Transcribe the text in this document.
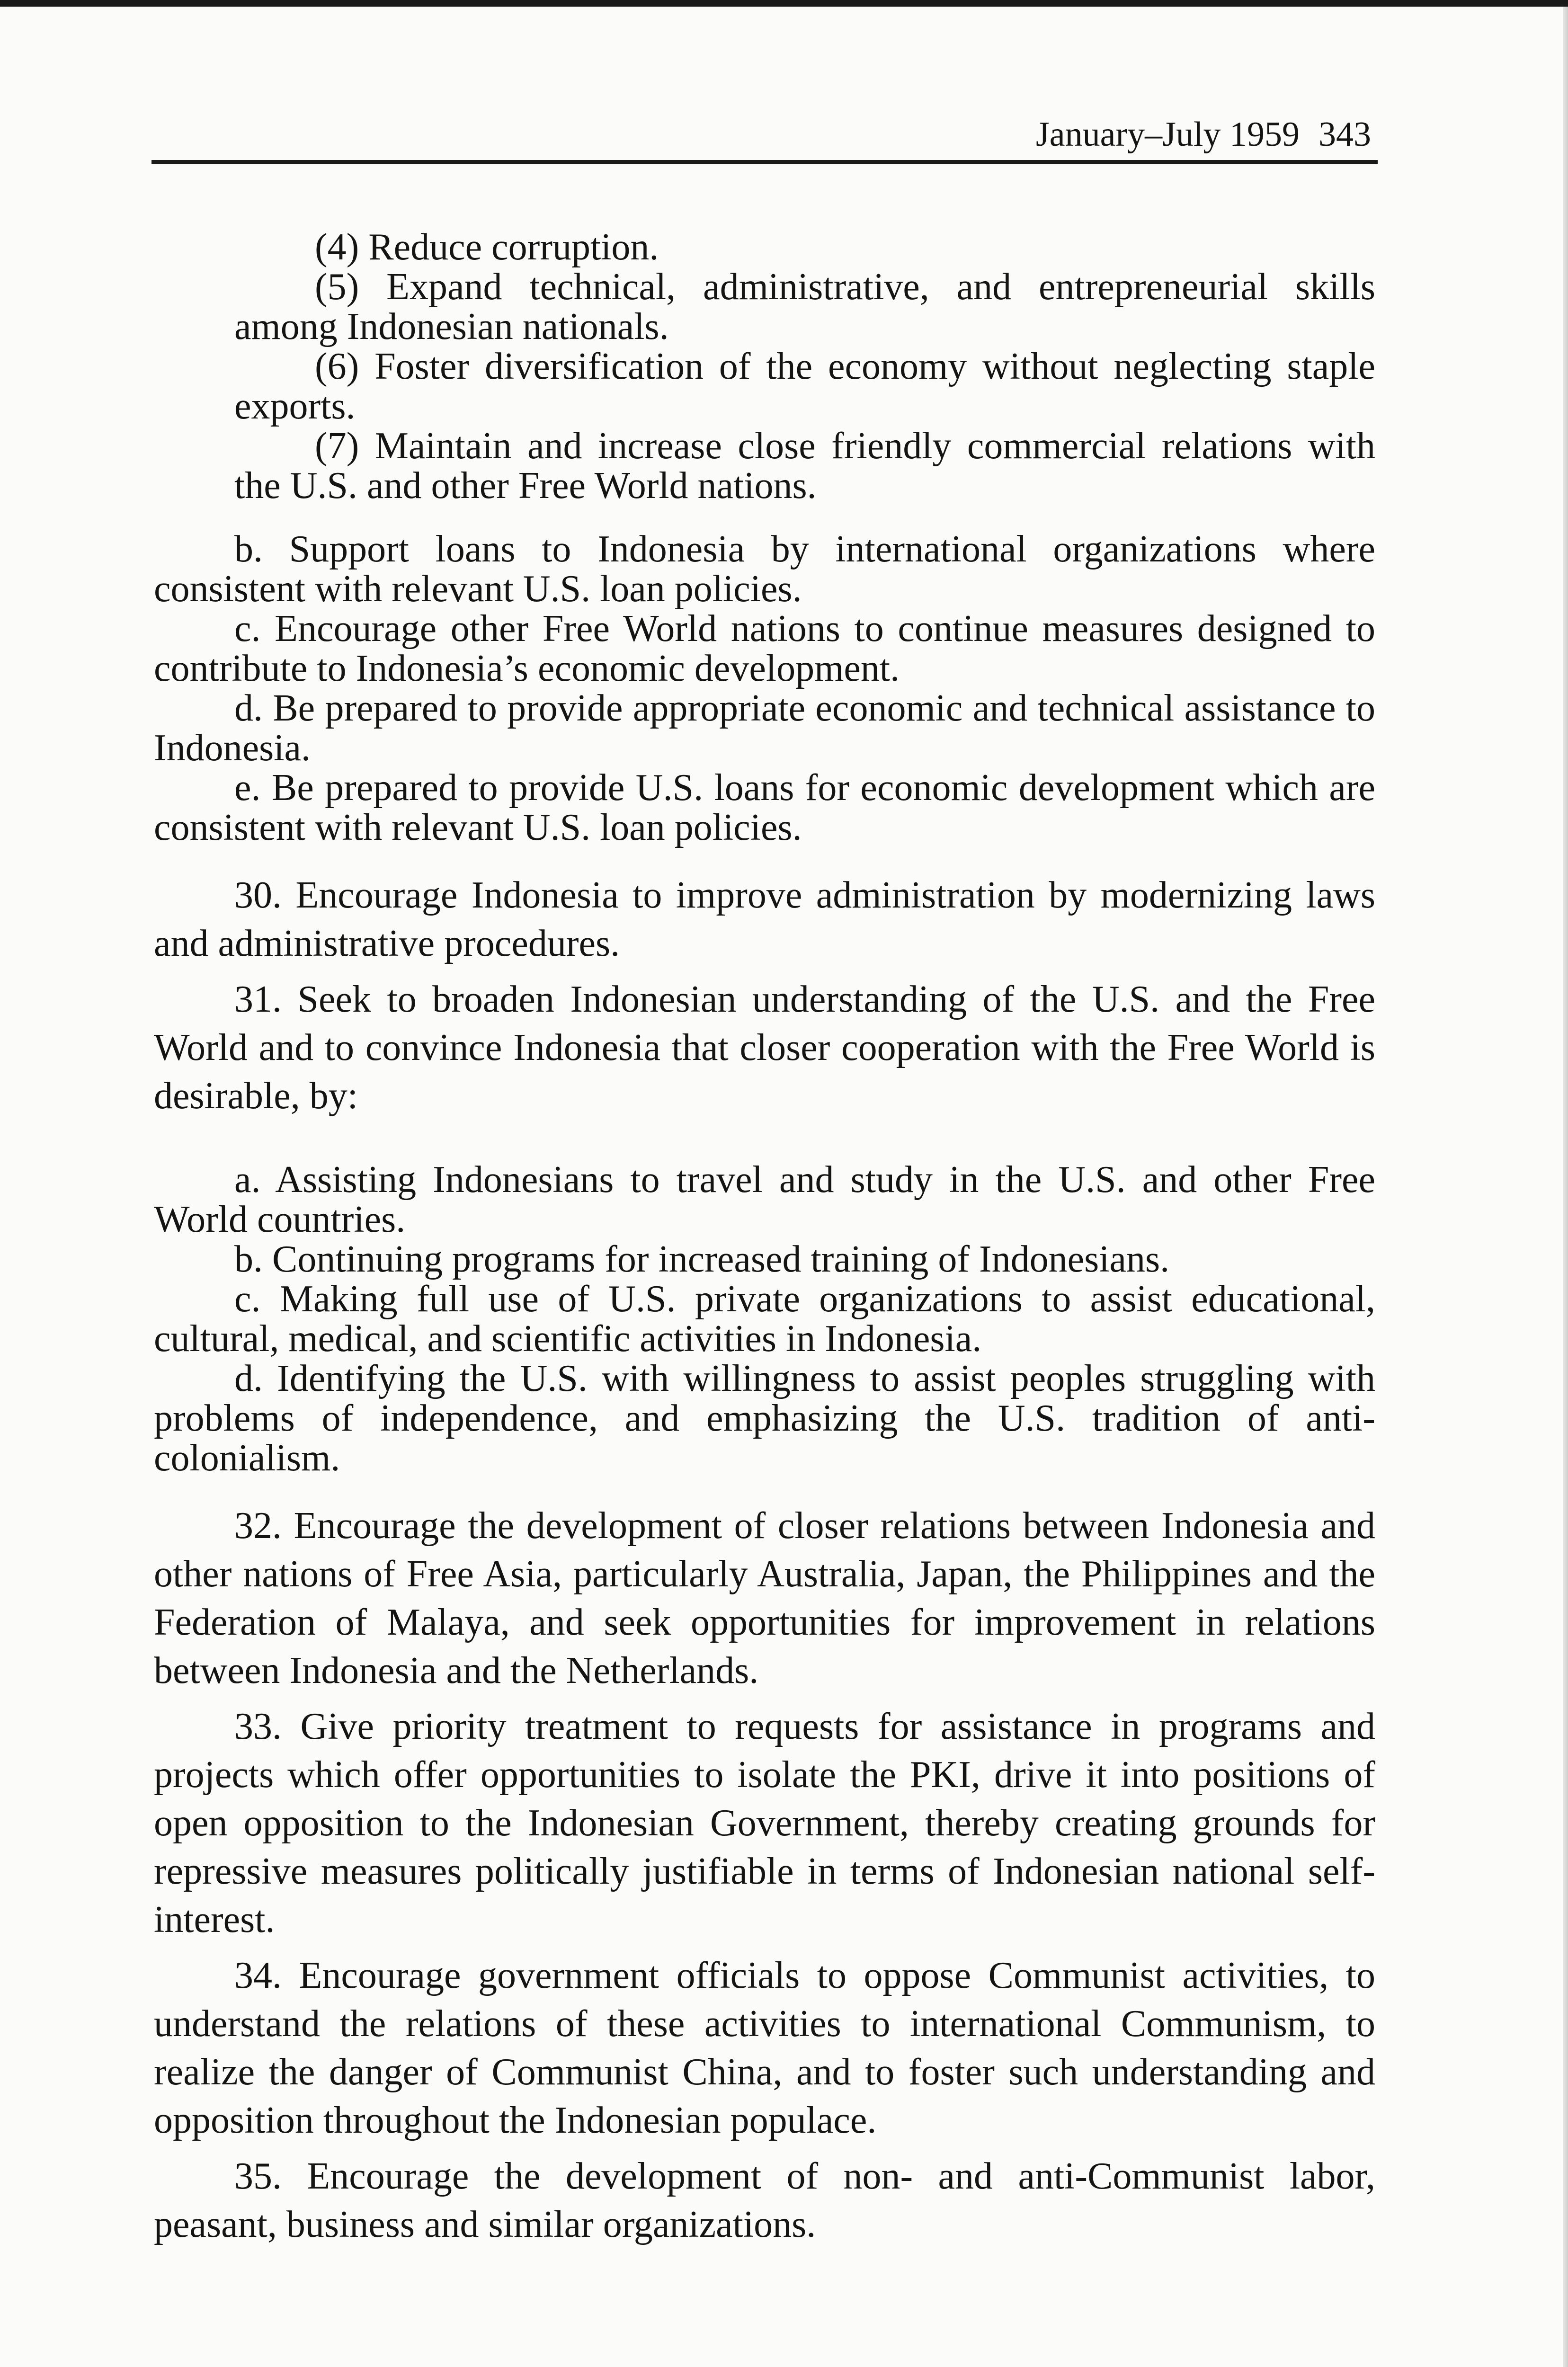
January–July 1959 343

(4) Reduce corruption.

(5) Expand technical, administrative, and entrepreneurial skills among Indonesian nationals.

(6) Foster diversification of the economy without neglecting staple exports.

(7) Maintain and increase close friendly commercial relations with the U.S. and other Free World nations.

b. Support loans to Indonesia by international organizations where consistent with relevant U.S. loan policies.

c. Encourage other Free World nations to continue measures designed to contribute to Indonesia’s economic development.

d. Be prepared to provide appropriate economic and technical assistance to Indonesia.

e. Be prepared to provide U.S. loans for economic development which are consistent with relevant U.S. loan policies.

30. Encourage Indonesia to improve administration by modernizing laws and administrative procedures.

31. Seek to broaden Indonesian understanding of the U.S. and the Free World and to convince Indonesia that closer cooperation with the Free World is desirable, by:

a. Assisting Indonesians to travel and study in the U.S. and other Free World countries.

b. Continuing programs for increased training of Indonesians.

c. Making full use of U.S. private organizations to assist educational, cultural, medical, and scientific activities in Indonesia.

d. Identifying the U.S. with willingness to assist peoples struggling with problems of independence, and emphasizing the U.S. tradition of anti-colonialism.

32. Encourage the development of closer relations between Indonesia and other nations of Free Asia, particularly Australia, Japan, the Philippines and the Federation of Malaya, and seek opportunities for improvement in relations between Indonesia and the Netherlands.

33. Give priority treatment to requests for assistance in programs and projects which offer opportunities to isolate the PKI, drive it into positions of open opposition to the Indonesian Government, thereby creating grounds for repressive measures politically justifiable in terms of Indonesian national self-interest.

34. Encourage government officials to oppose Communist activities, to understand the relations of these activities to international Communism, to realize the danger of Communist China, and to foster such understanding and opposition throughout the Indonesian populace.

35. Encourage the development of non- and anti-Communist labor, peasant, business and similar organizations.
